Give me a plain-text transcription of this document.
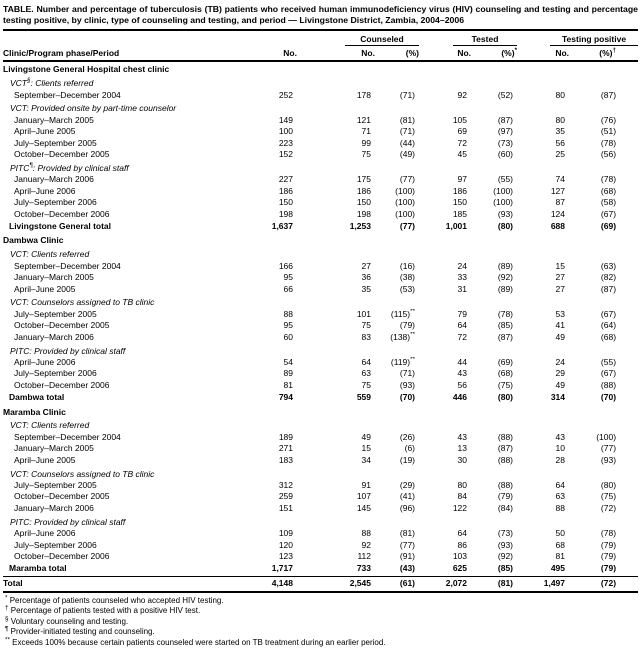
TABLE. Number and percentage of tuberculosis (TB) patients who received human immunodeficiency virus (HIV) counseling and testing and percentage testing positive, by clinic, type of counseling and testing, and period — Livingstone District, Zambia, 2004–2006

		Counseled		Tested		Testing positive	

Clinic/Program phase/Period	No.	No.	(%)	No.	(%)*	No.	(%)†
Livingstone General Hospital chest clinic							
VCT§: Clients referred							
September–December 2004	252	178	(71)	92	(52)	80	(87)
VCT: Provided onsite by part-time counselor							
January–March 2005	149	121	(81)	105	(87)	80	(76)
April–June 2005	100	71	(71)	69	(97)	35	(51)
July–September 2005	223	99	(44)	72	(73)	56	(78)
October–December 2005	152	75	(49)	45	(60)	25	(56)
PITC¶: Provided by clinical staff							
January–March 2006	227	175	(77)	97	(55)	74	(78)
April–June 2006	186	186	(100)	186	(100)	127	(68)
July–September 2006	150	150	(100)	150	(100)	87	(58)
October–December 2006	198	198	(100)	185	(93)	124	(67)
Livingstone General total	1,637	1,253	(77)	1,001	(80)	688	(69)
Dambwa Clinic							
VCT: Clients referred							
September–December 2004	166	27	(16)	24	(89)	15	(63)
January–March 2005	95	36	(38)	33	(92)	27	(82)
April–June 2005	66	35	(53)	31	(89)	27	(87)
VCT: Counselors assigned to TB clinic							
July–September 2005	88	101	(115)**	79	(78)	53	(67)
October–December 2005	95	75	(79)	64	(85)	41	(64)
January–March 2006	60	83	(138)**	72	(87)	49	(68)
PITC: Provided by clinical staff							
April–June 2006	54	64	(119)**	44	(69)	24	(55)
July–September 2006	89	63	(71)	43	(68)	29	(67)
October–December 2006	81	75	(93)	56	(75)	49	(88)
Dambwa total	794	559	(70)	446	(80)	314	(70)
Maramba Clinic							
VCT: Clients referred							
September–December 2004	189	49	(26)	43	(88)	43	(100)
January–March 2005	271	15	(6)	13	(87)	10	(77)
April–June 2005	183	34	(19)	30	(88)	28	(93)
VCT: Counselors assigned to TB clinic							
July–September 2005	312	91	(29)	80	(88)	64	(80)
October–December 2005	259	107	(41)	84	(79)	63	(75)
January–March 2006	151	145	(96)	122	(84)	88	(72)
PITC: Provided by clinical staff							
April–June 2006	109	88	(81)	64	(73)	50	(78)
July–September 2006	120	92	(77)	86	(93)	68	(79)
October–December 2006	123	112	(91)	103	(92)	81	(79)
Maramba total	1,717	733	(43)	625	(85)	495	(79)
Total	4,148	2,545	(61)	2,072	(81)	1,497	(72)
* Percentage of patients counseled who accepted HIV testing.
† Percentage of patients tested with a positive HIV test.
§ Voluntary counseling and testing.
¶ Provider-initiated testing and counseling.
** Exceeds 100% because certain patients counseled were started on TB treatment during an earlier period.
